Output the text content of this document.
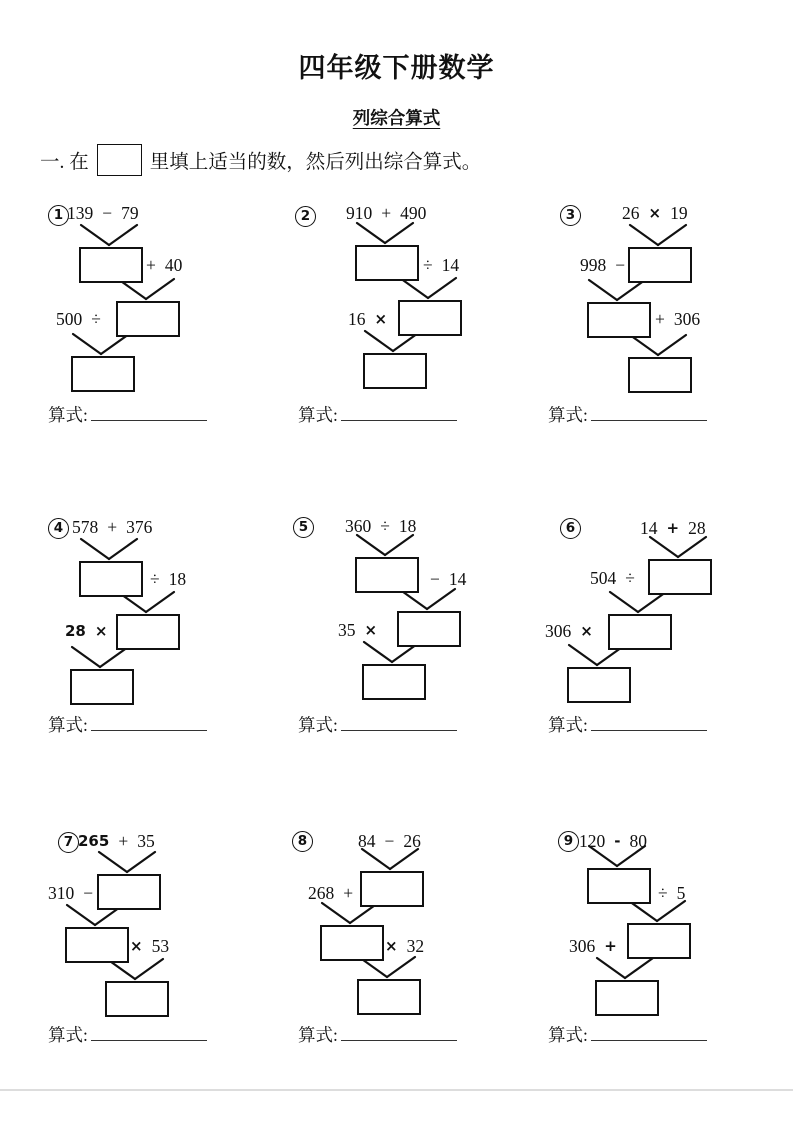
四年级下册数学
列综合算式
一. 在	里填上适当的数，然后列出综合算式。
1 139 − 79
+ 40
500 ÷
算式:
2	910 + 490
÷ 14
16 ×
算式:
3	26 × 19
998 −
+ 306
算式:
4 578 + 376
÷ 18
28 ×
算式:
5	360 ÷ 18
− 14
35 ×
算式:
6	14 + 28
504 ÷
306 ×
算式:
7 265 + 35
310 −
× 53
算式:
8	84 − 26
268 +
× 32
算式:
9 120 - 80
÷ 5
306 +
算式:
